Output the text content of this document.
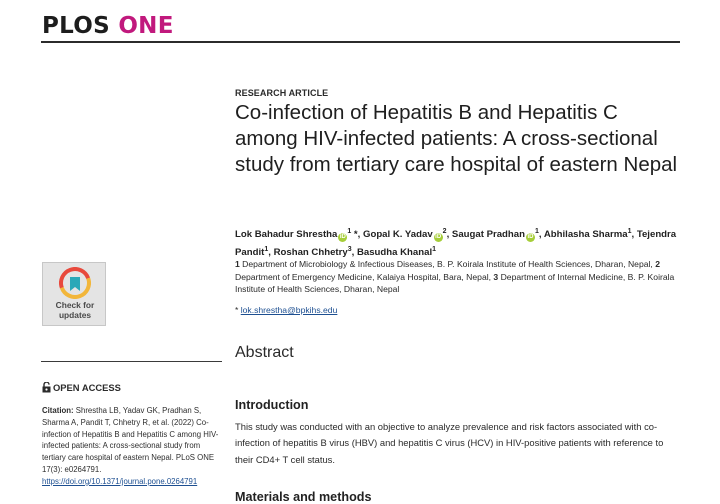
PLOS ONE
RESEARCH ARTICLE
Co-infection of Hepatitis B and Hepatitis C among HIV-infected patients: A cross-sectional study from tertiary care hospital of eastern Nepal
Lok Bahadur Shrestha $iD^1$ *, Gopal K. Yadav $iD^2$, Saugat Pradhan $iD^1$, Abhilasha Sharma$^1$, Tejendra Pandit$^1$, Roshan Chhetry$^3$, Basudha Khanal$^1$
1 Department of Microbiology & Infectious Diseases, B. P. Koirala Institute of Health Sciences, Dharan, Nepal, 2 Department of Emergency Medicine, Kalaiya Hospital, Bara, Nepal, 3 Department of Internal Medicine, B. P. Koirala Institute of Health Sciences, Dharan, Nepal
* lok.shrestha@bpkihs.edu
Check for
updates
OPEN ACCESS
Citation: Shrestha LB, Yadav GK, Pradhan S, Sharma A, Pandit T, Chhetry R, et al. (2022) Co-infection of Hepatitis B and Hepatitis C among HIV-infected patients: A cross-sectional study from tertiary care hospital of eastern Nepal. PLoS ONE 17(3): e0264791. https://doi.org/10.1371/journal.pone.0264791
Abstract
Introduction

This study was conducted with an objective to analyze prevalence and risk factors associated with co-infection of hepatitis B virus (HBV) and hepatitis C virus (HCV) in HIV-positive patients with reference to their CD4+ T cell status.

Materials and methods
